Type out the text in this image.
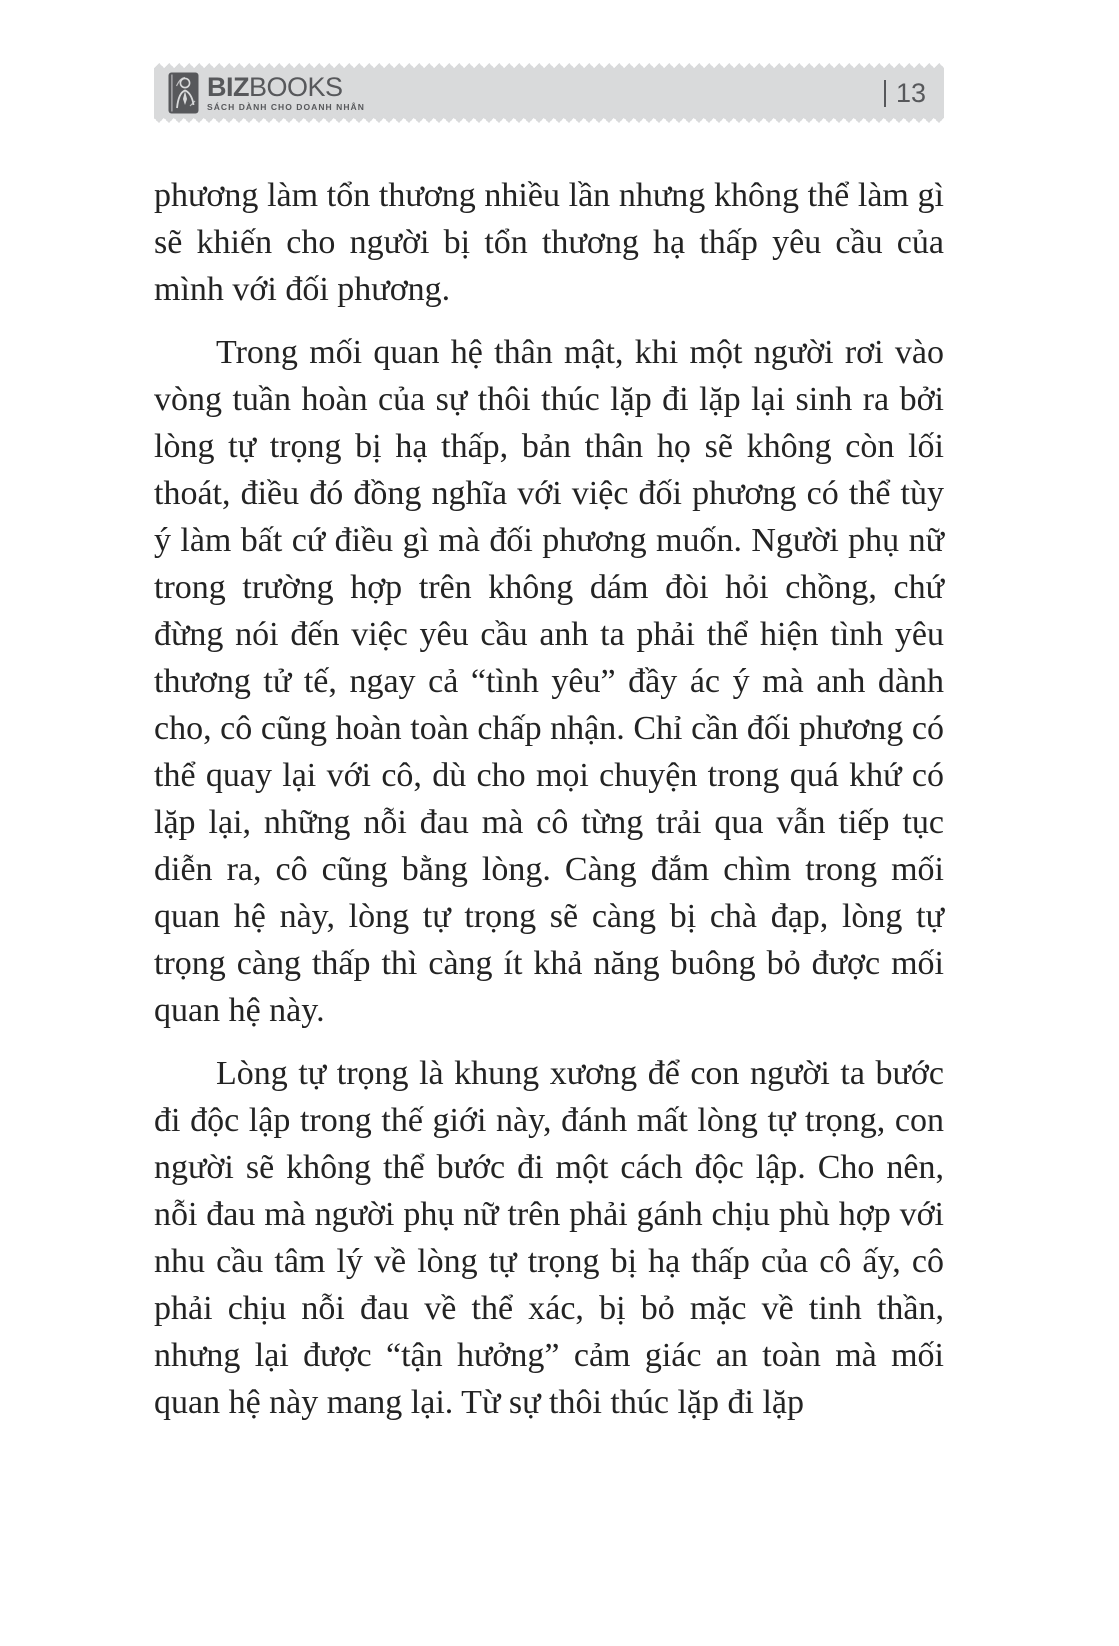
BIZBOOKS
SÁCH DÀNH CHO DOANH NHÂN	13

phương làm tổn thương nhiều lần nhưng không thể làm gì sẽ khiến cho người bị tổn thương hạ thấp yêu cầu của mình với đối phương.

Trong mối quan hệ thân mật, khi một người rơi vào vòng tuần hoàn của sự thôi thúc lặp đi lặp lại sinh ra bởi lòng tự trọng bị hạ thấp, bản thân họ sẽ không còn lối thoát, điều đó đồng nghĩa với việc đối phương có thể tùy ý làm bất cứ điều gì mà đối phương muốn. Người phụ nữ trong trường hợp trên không dám đòi hỏi chồng, chứ đừng nói đến việc yêu cầu anh ta phải thể hiện tình yêu thương tử tế, ngay cả “tình yêu” đầy ác ý mà anh dành cho, cô cũng hoàn toàn chấp nhận. Chỉ cần đối phương có thể quay lại với cô, dù cho mọi chuyện trong quá khứ có lặp lại, những nỗi đau mà cô từng trải qua vẫn tiếp tục diễn ra, cô cũng bằng lòng. Càng đắm chìm trong mối quan hệ này, lòng tự trọng sẽ càng bị chà đạp, lòng tự trọng càng thấp thì càng ít khả năng buông bỏ được mối quan hệ này.

Lòng tự trọng là khung xương để con người ta bước đi độc lập trong thế giới này, đánh mất lòng tự trọng, con người sẽ không thể bước đi một cách độc lập. Cho nên, nỗi đau mà người phụ nữ trên phải gánh chịu phù hợp với nhu cầu tâm lý về lòng tự trọng bị hạ thấp của cô ấy, cô phải chịu nỗi đau về thể xác, bị bỏ mặc về tinh thần, nhưng lại được “tận hưởng” cảm giác an toàn mà mối quan hệ này mang lại. Từ sự thôi thúc lặp đi lặp
